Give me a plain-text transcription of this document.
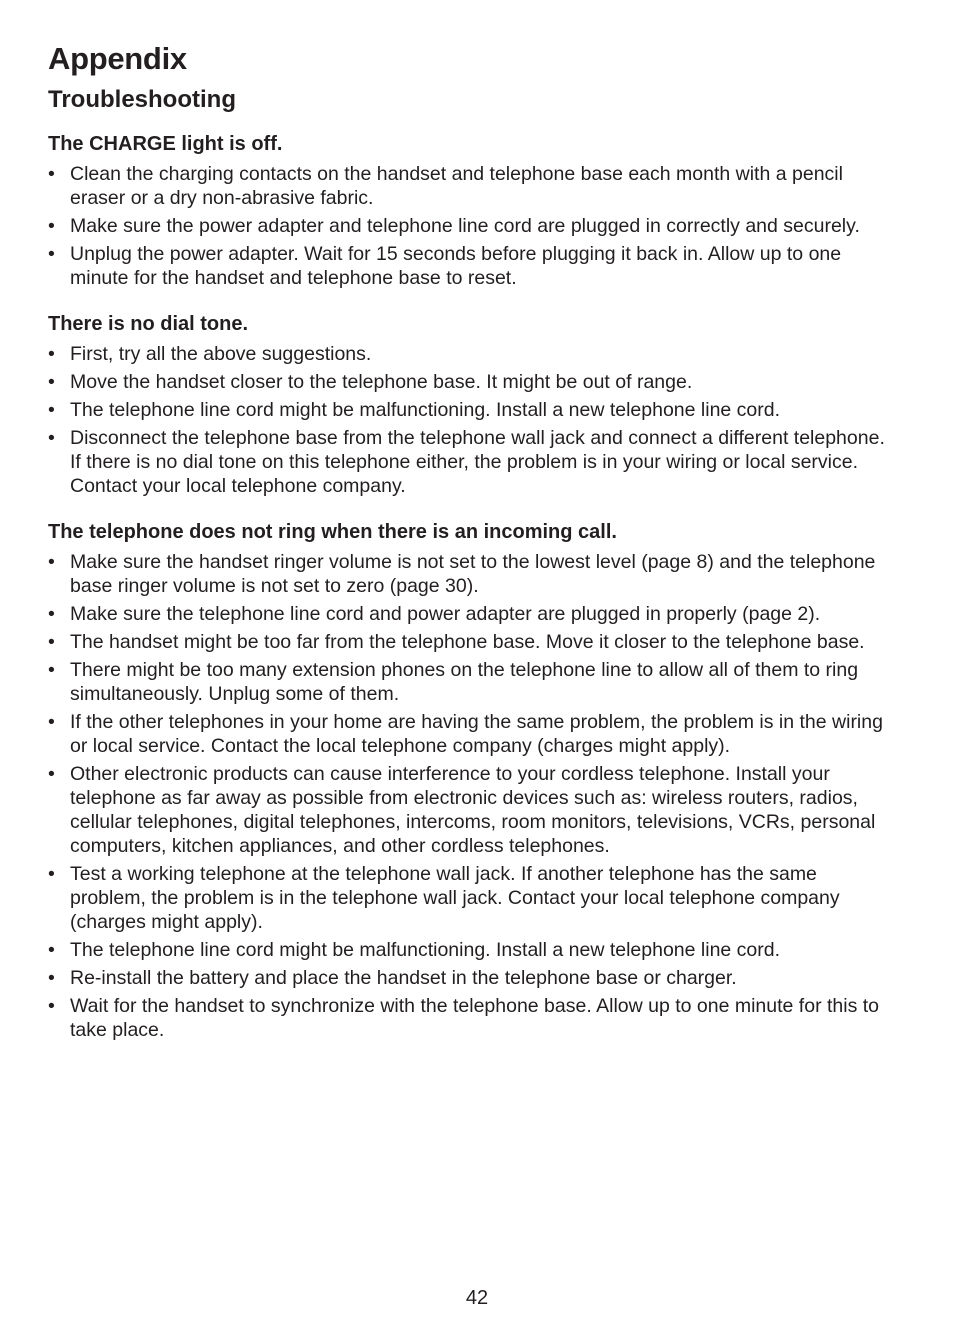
Appendix
Troubleshooting
The CHARGE light is off.
• Clean the charging contacts on the handset and telephone base each month with a pencil eraser or a dry non-abrasive fabric.
• Make sure the power adapter and telephone line cord are plugged in correctly and securely.
• Unplug the power adapter. Wait for 15 seconds before plugging it back in. Allow up to one minute for the handset and telephone base to reset.
There is no dial tone.
• First, try all the above suggestions.
• Move the handset closer to the telephone base. It might be out of range.
• The telephone line cord might be malfunctioning. Install a new telephone line cord.
• Disconnect the telephone base from the telephone wall jack and connect a different telephone. If there is no dial tone on this telephone either, the problem is in your wiring or local service. Contact your local telephone company.
The telephone does not ring when there is an incoming call.
• Make sure the handset ringer volume is not set to the lowest level (page 8) and the telephone base ringer volume is not set to zero (page 30).
• Make sure the telephone line cord and power adapter are plugged in properly (page 2).
• The handset might be too far from the telephone base. Move it closer to the telephone base.
• There might be too many extension phones on the telephone line to allow all of them to ring simultaneously. Unplug some of them.
• If the other telephones in your home are having the same problem, the problem is in the wiring or local service. Contact the local telephone company (charges might apply).
• Other electronic products can cause interference to your cordless telephone. Install your telephone as far away as possible from electronic devices such as: wireless routers, radios, cellular telephones, digital telephones, intercoms, room monitors, televisions, VCRs, personal computers, kitchen appliances, and other cordless telephones.
• Test a working telephone at the telephone wall jack. If another telephone has the same problem, the problem is in the telephone wall jack. Contact your local telephone company (charges might apply).
• The telephone line cord might be malfunctioning. Install a new telephone line cord.
• Re-install the battery and place the handset in the telephone base or charger.
• Wait for the handset to synchronize with the telephone base. Allow up to one minute for this to take place.
42
